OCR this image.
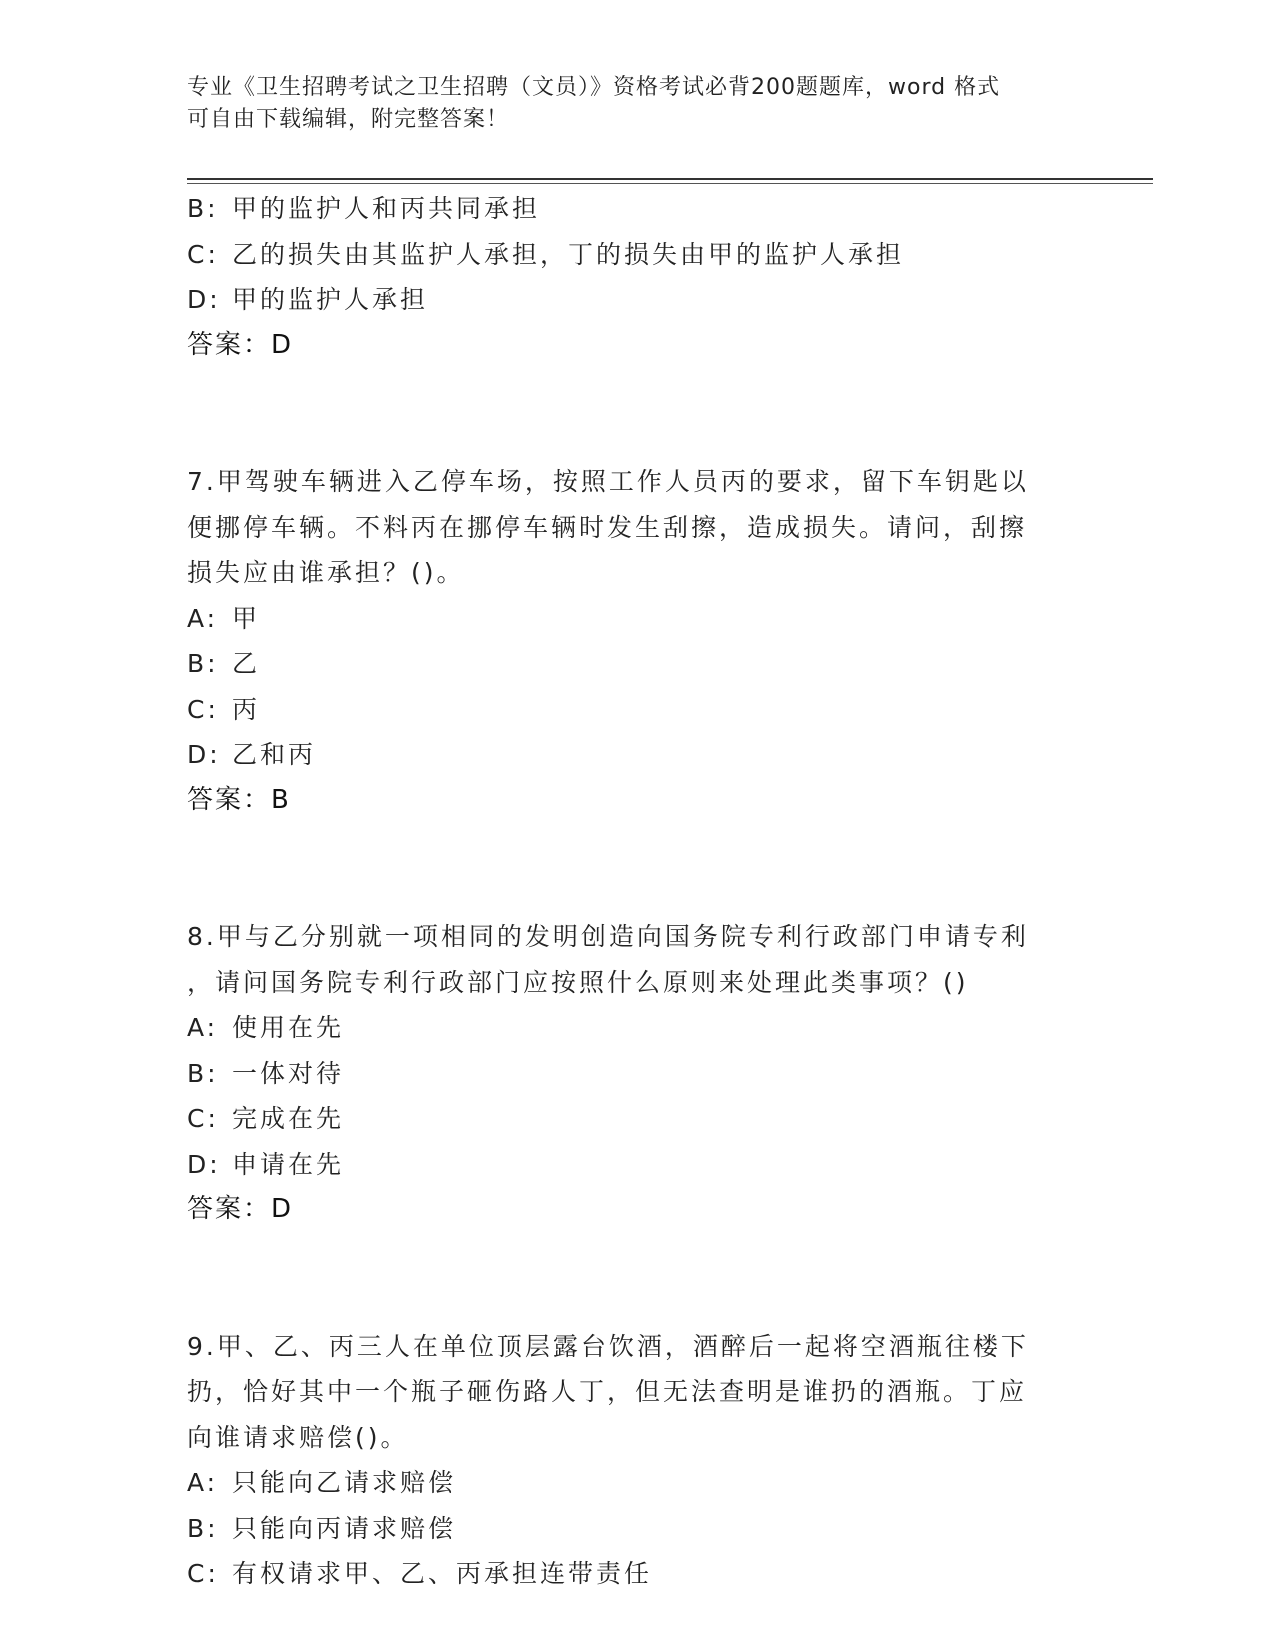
专业《卫生招聘考试之卫生招聘（文员）》资格考试必背200题题库，word 格式
可自由下载编辑，附完整答案！
B: 甲的监护人和丙共同承担
C: 乙的损失由其监护人承担，丁的损失由甲的监护人承担
D: 甲的监护人承担
答案：D
7.甲驾驶车辆进入乙停车场，按照工作人员丙的要求，留下车钥匙以
便挪停车辆。不料丙在挪停车辆时发生刮擦，造成损失。请问，刮擦
损失应由谁承担？()。
A: 甲
B: 乙
C: 丙
D: 乙和丙
答案：B
8.甲与乙分别就一项相同的发明创造向国务院专利行政部门申请专利
，请问国务院专利行政部门应按照什么原则来处理此类事项？()
A: 使用在先
B: 一体对待
C: 完成在先
D: 申请在先
答案：D
9.甲、乙、丙三人在单位顶层露台饮酒，酒醉后一起将空酒瓶往楼下
扔，恰好其中一个瓶子砸伤路人丁，但无法查明是谁扔的酒瓶。丁应
向谁请求赔偿()。
A: 只能向乙请求赔偿
B: 只能向丙请求赔偿
C: 有权请求甲、乙、丙承担连带责任
